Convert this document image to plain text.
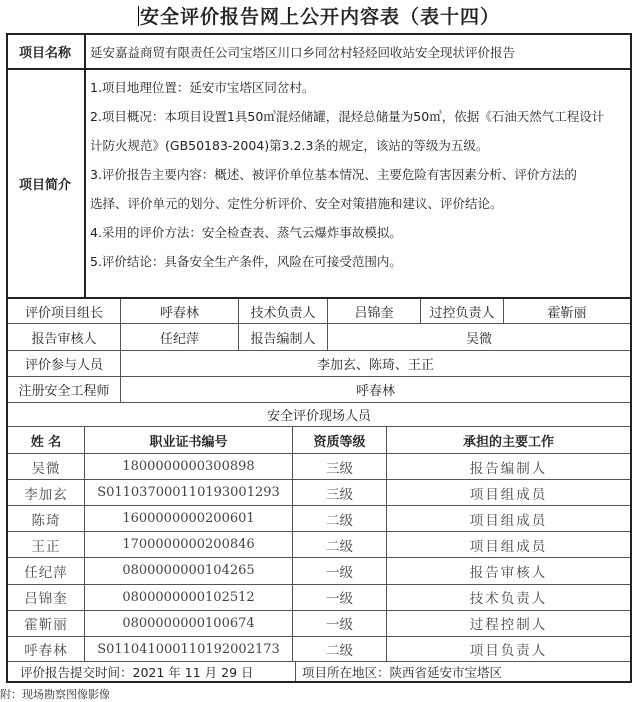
安全评价报告网上公开内容表（表十四）
项目名称	延安嘉益商贸有限责任公司宝塔区川口乡同岔村轻烃回收站安全现状评价报告
项目简介

1.项目地理位置：延安市宝塔区同岔村。

2.项目概况：本项目设置1具50㎥混烃储罐，混烃总储量为50㎥，依据《石油天然气工程设计

计防火规范》(GB50183-2004)第3.2.3条的规定，该站的等级为五级。

3.评价报告主要内容：概述、被评价单位基本情况、主要危险有害因素分析、评价方法的

选择、评价单元的划分、定性分析评价、安全对策措施和建议、评价结论。

4.采用的评价方法：安全检查表、蒸气云爆炸事故模拟。

5.评价结论：具备安全生产条件，风险在可接受范围内。

评价项目组长	呼春林	技术负责人	吕锦奎	过控负责人	霍靳丽
报告审核人	任纪萍	报告编制人	吴微
评价参与人员	李加玄、陈琦、王正
注册安全工程师	呼春林
安全评价现场人员
姓 名	职业证书编号	资质等级	承担的主要工作
吴微	1800000000300898	三级	报告编制人
李加玄	S011037000110193001293	三级	项目组成员
陈琦	1600000000200601	二级	项目组成员
王正	1700000000200846	二级	项目组成员
任纪萍	0800000000104265	一级	报告审核人
吕锦奎	0800000000102512	一级	技术负责人
霍靳丽	0800000000100674	一级	过程控制人
呼春林	S011041000110192002173	二级	项目负责人
评价报告提交时间：2021 年 11 月 29 日	项目所在地区：陕西省延安市宝塔区
附：现场勘察图像影像
